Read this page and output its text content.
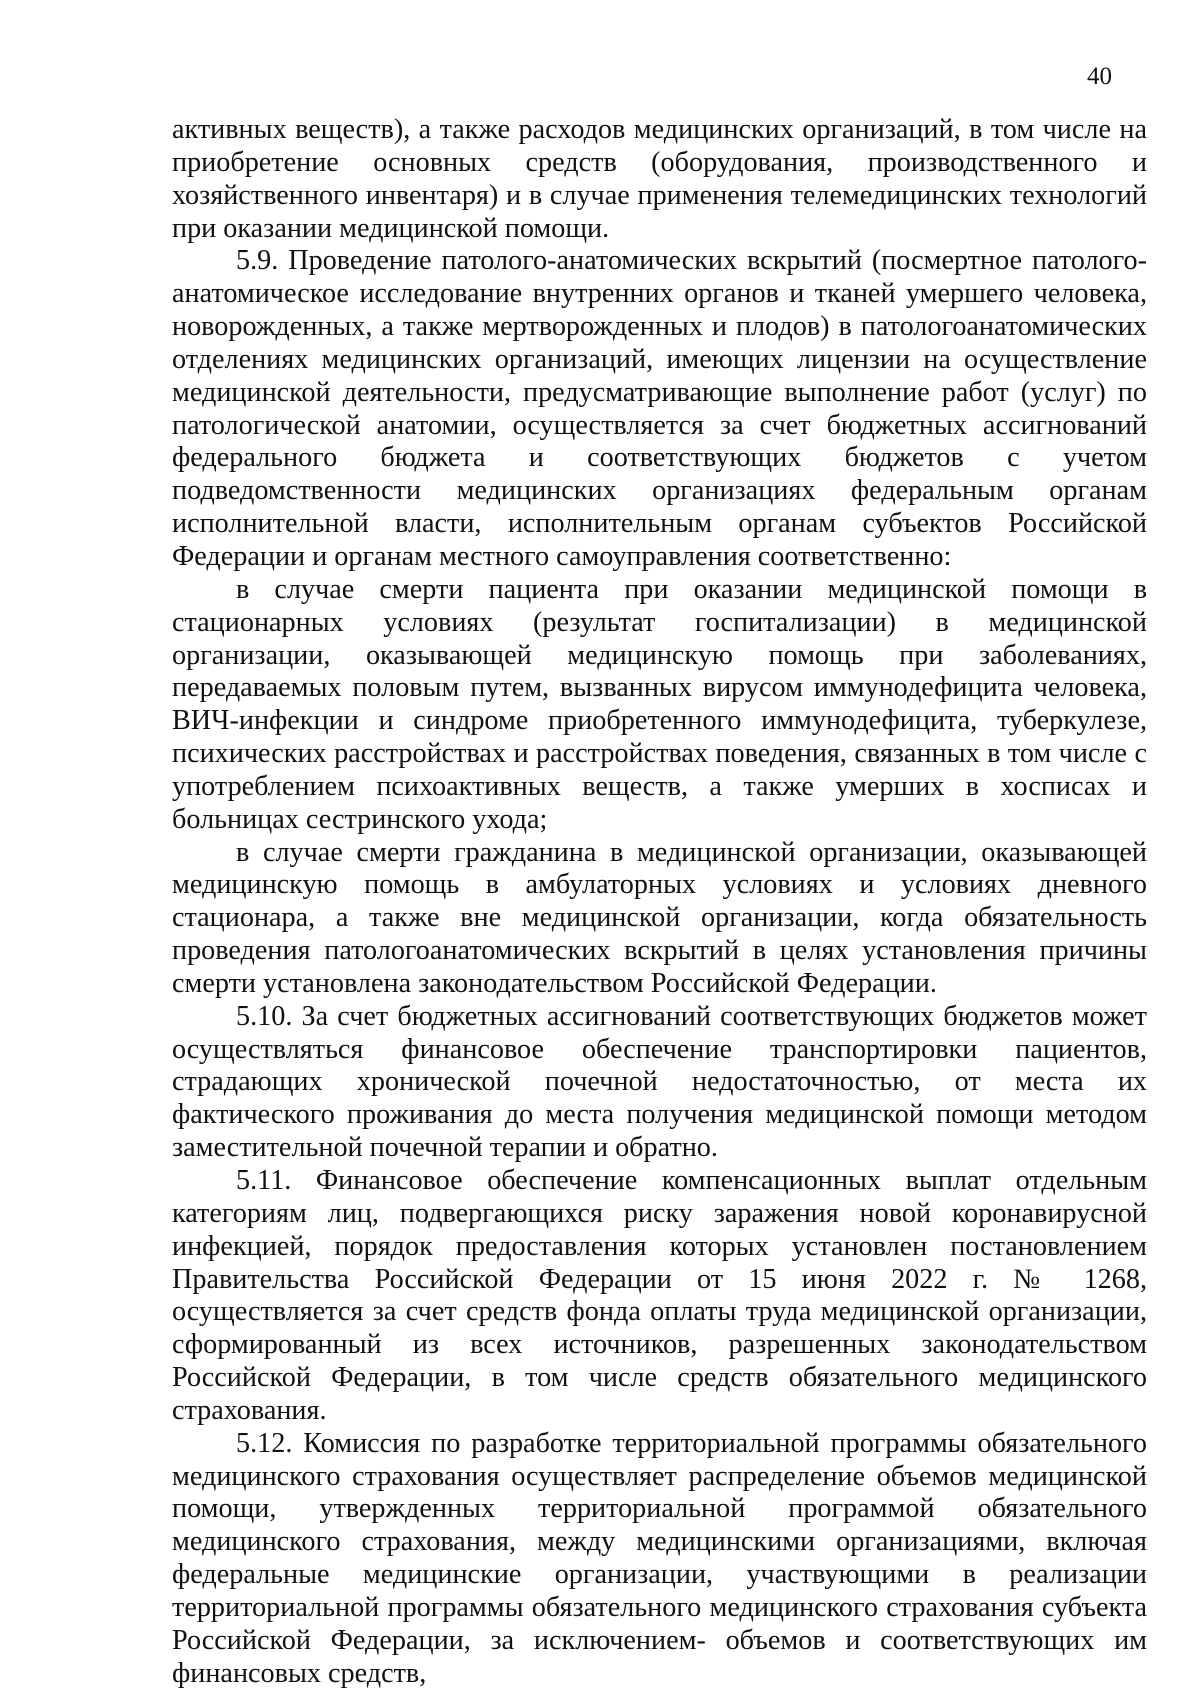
40

активных веществ), а также расходов медицинских организаций, в том числе на приобретение основных средств (оборудования, производственного и хозяйственного инвентаря) и в случае применения телемедицинских технологий при оказании медицинской помощи.

5.9. Проведение патолого-анатомических вскрытий (посмертное патолого-анатомическое исследование внутренних органов и тканей умершего человека, новорожденных, а также мертворожденных и плодов) в патологоанатомических отделениях медицинских организаций, имеющих лицензии на осуществление медицинской деятельности, предусматривающие выполнение работ (услуг) по патологической анатомии, осуществляется за счет бюджетных ассигнований федерального бюджета и соответствующих бюджетов с учетом подведомственности медицинских организациях федеральным органам исполнительной власти, исполнительным органам субъектов Российской Федерации и органам местного самоуправления соответственно:

в случае смерти пациента при оказании медицинской помощи в стационарных условиях (результат госпитализации) в медицинской организации, оказывающей медицинскую помощь при заболеваниях, передаваемых половым путем, вызванных вирусом иммунодефицита человека, ВИЧ-инфекции и синдроме приобретенного иммунодефицита, туберкулезе, психических расстройствах и расстройствах поведения, связанных в том числе с употреблением психоактивных веществ, а также умерших в хосписах и больницах сестринского ухода;

в случае смерти гражданина в медицинской организации, оказывающей медицинскую помощь в амбулаторных условиях и условиях дневного стационара, а также вне медицинской организации, когда обязательность проведения патологоанатомических вскрытий в целях установления причины смерти установлена законодательством Российской Федерации.

5.10. За счет бюджетных ассигнований соответствующих бюджетов может осуществляться финансовое обеспечение транспортировки пациентов, страдающих хронической почечной недостаточностью, от места их фактического проживания до места получения медицинской помощи методом заместительной почечной терапии и обратно.

5.11. Финансовое обеспечение компенсационных выплат отдельным категориям лиц, подвергающихся риску заражения новой коронавирусной инфекцией, порядок предоставления которых установлен постановлением Правительства Российской Федерации от 15 июня 2022 г. № 1268, осуществляется за счет средств фонда оплаты труда медицинской организации, сформированный из всех источников, разрешенных законодательством Российской Федерации, в том числе средств обязательного медицинского страхования.

5.12. Комиссия по разработке территориальной программы обязательного медицинского страхования осуществляет распределение объемов медицинской помощи, утвержденных территориальной программой обязательного медицинского страхования, между медицинскими организациями, включая федеральные медицинские организации, участвующими в реализации территориальной программы обязательного медицинского страхования субъекта Российской Федерации, за исключением- объемов и соответствующих им финансовых средств,
